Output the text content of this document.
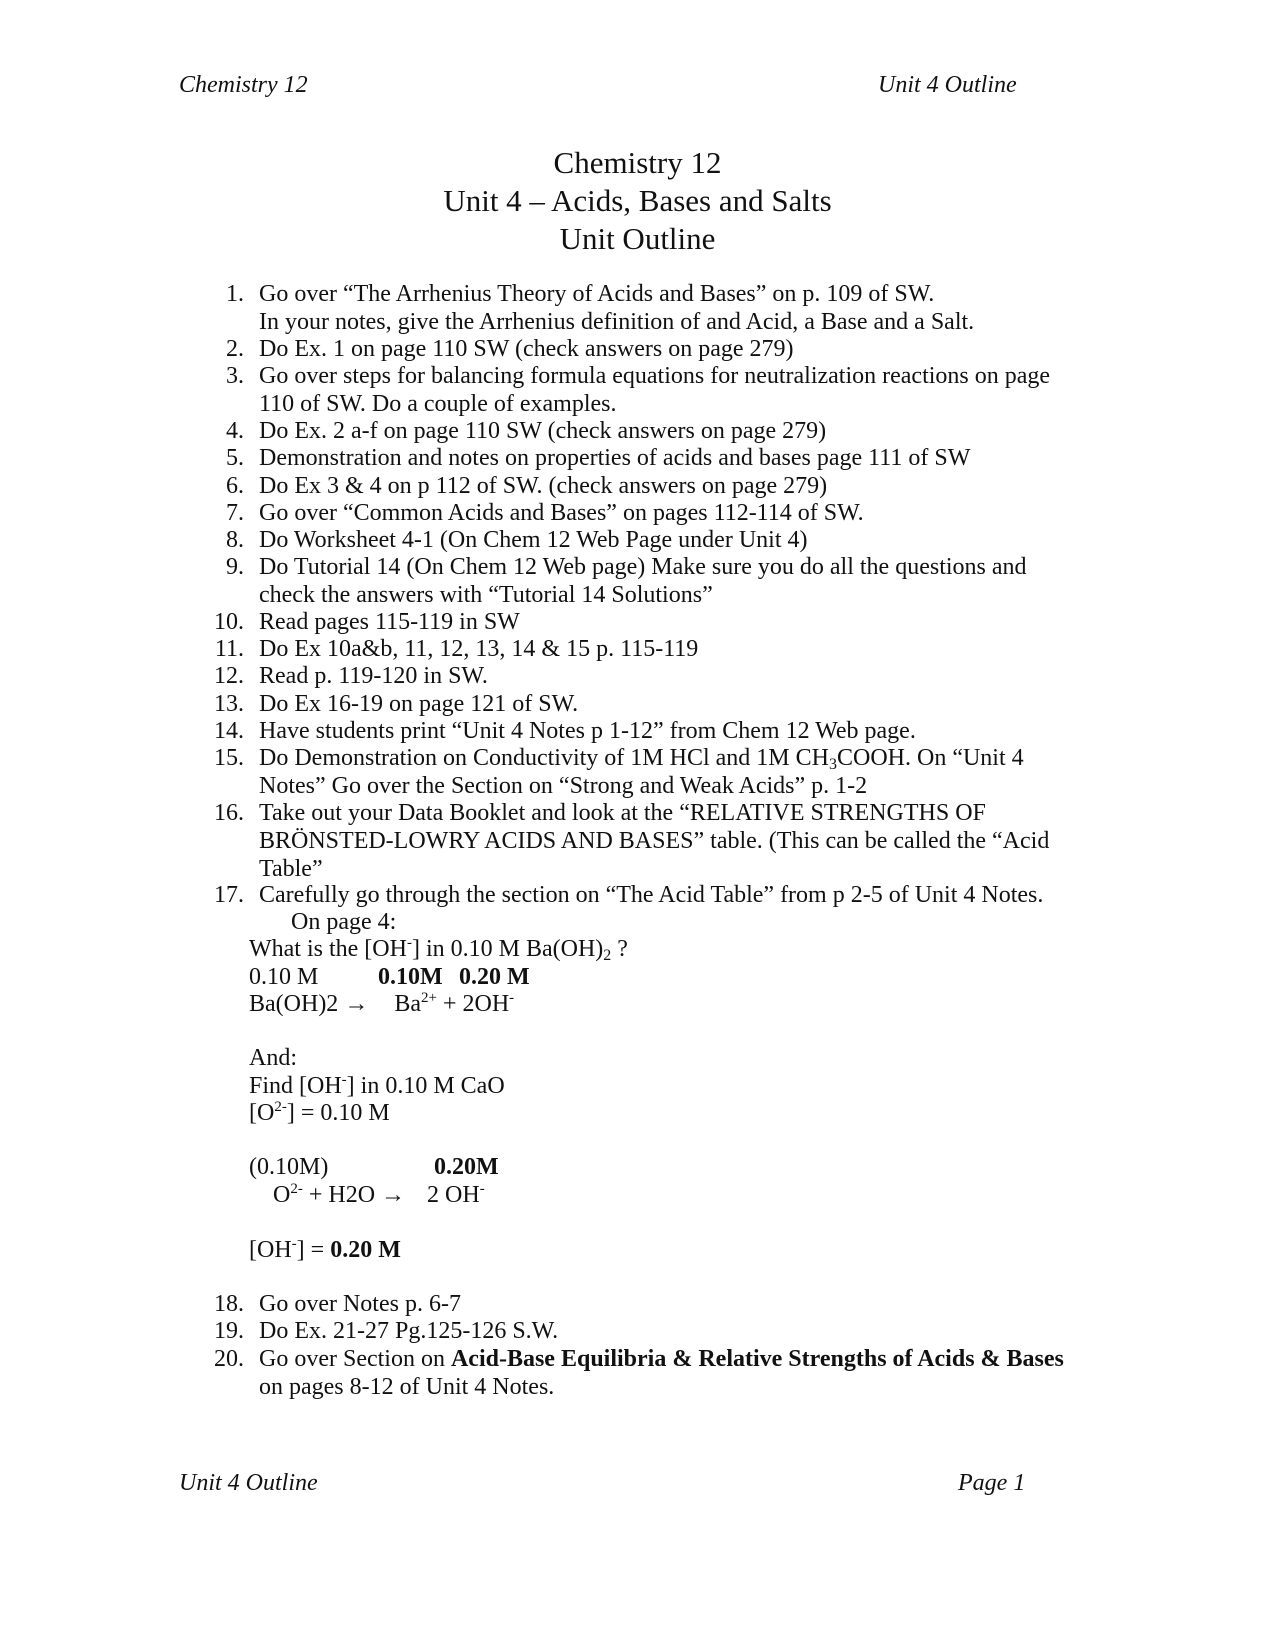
Chemistry 12	Unit 4 Outline
Chemistry 12
Unit 4 – Acids, Bases and Salts
Unit Outline
1. Go over “The Arrhenius Theory of Acids and Bases” on p. 109 of SW.
In your notes, give the Arrhenius definition of and Acid, a Base and a Salt.
2. Do Ex. 1 on page 110 SW (check answers on page 279)
3. Go over steps for balancing formula equations for neutralization reactions on page
110 of SW. Do a couple of examples.
4. Do Ex. 2 a-f on page 110 SW (check answers on page 279)
5. Demonstration and notes on properties of acids and bases page 111 of SW
6. Do Ex 3 & 4 on p 112 of SW. (check answers on page 279)
7. Go over “Common Acids and Bases” on pages 112-114 of SW.
8. Do Worksheet 4-1 (On Chem 12 Web Page under Unit 4)
9. Do Tutorial 14 (On Chem 12 Web page) Make sure you do all the questions and
check the answers with “Tutorial 14 Solutions”
10. Read pages 115-119 in SW
11. Do Ex 10a&b, 11, 12, 13, 14 & 15 p. 115-119
12. Read p. 119-120 in SW.
13. Do Ex 16-19 on page 121 of SW.
14. Have students print “Unit 4 Notes p 1-12” from Chem 12 Web page.
15. Do Demonstration on Conductivity of 1M HCl and 1M $CH_3COOH$. On “Unit 4
Notes” Go over the Section on “Strong and Weak Acids” p. 1-2
16. Take out your Data Booklet and look at the “RELATIVE STRENGTHS OF
BRÖNSTED-LOWRY ACIDS AND BASES” table. (This can be called the “Acid
Table”
17. Carefully go through the section on “The Acid Table” from p 2-5 of Unit 4 Notes.
On page 4:
What is the [OH-] in 0.10 M $Ba(OH)_2$ ?
0.10 M 0.10M 0.20 M
$Ba(OH)2 \to Ba^{2+} + 2OH^-$
And:
Find [OH-] in 0.10 M CaO
$[O^{2-}] = 0.10$ M
(0.10M)	0.20M
$O^{2-} + H2O \to 2$ OH-
[OH-] = 0.20 M
18. Go over Notes p. 6-7
19. Do Ex. 21-27 Pg.125-126 S.W.
20. Go over Section on Acid-Base Equilibria & Relative Strengths of Acids & Bases
on pages 8-12 of Unit 4 Notes.
Unit 4 Outline	Page 1
